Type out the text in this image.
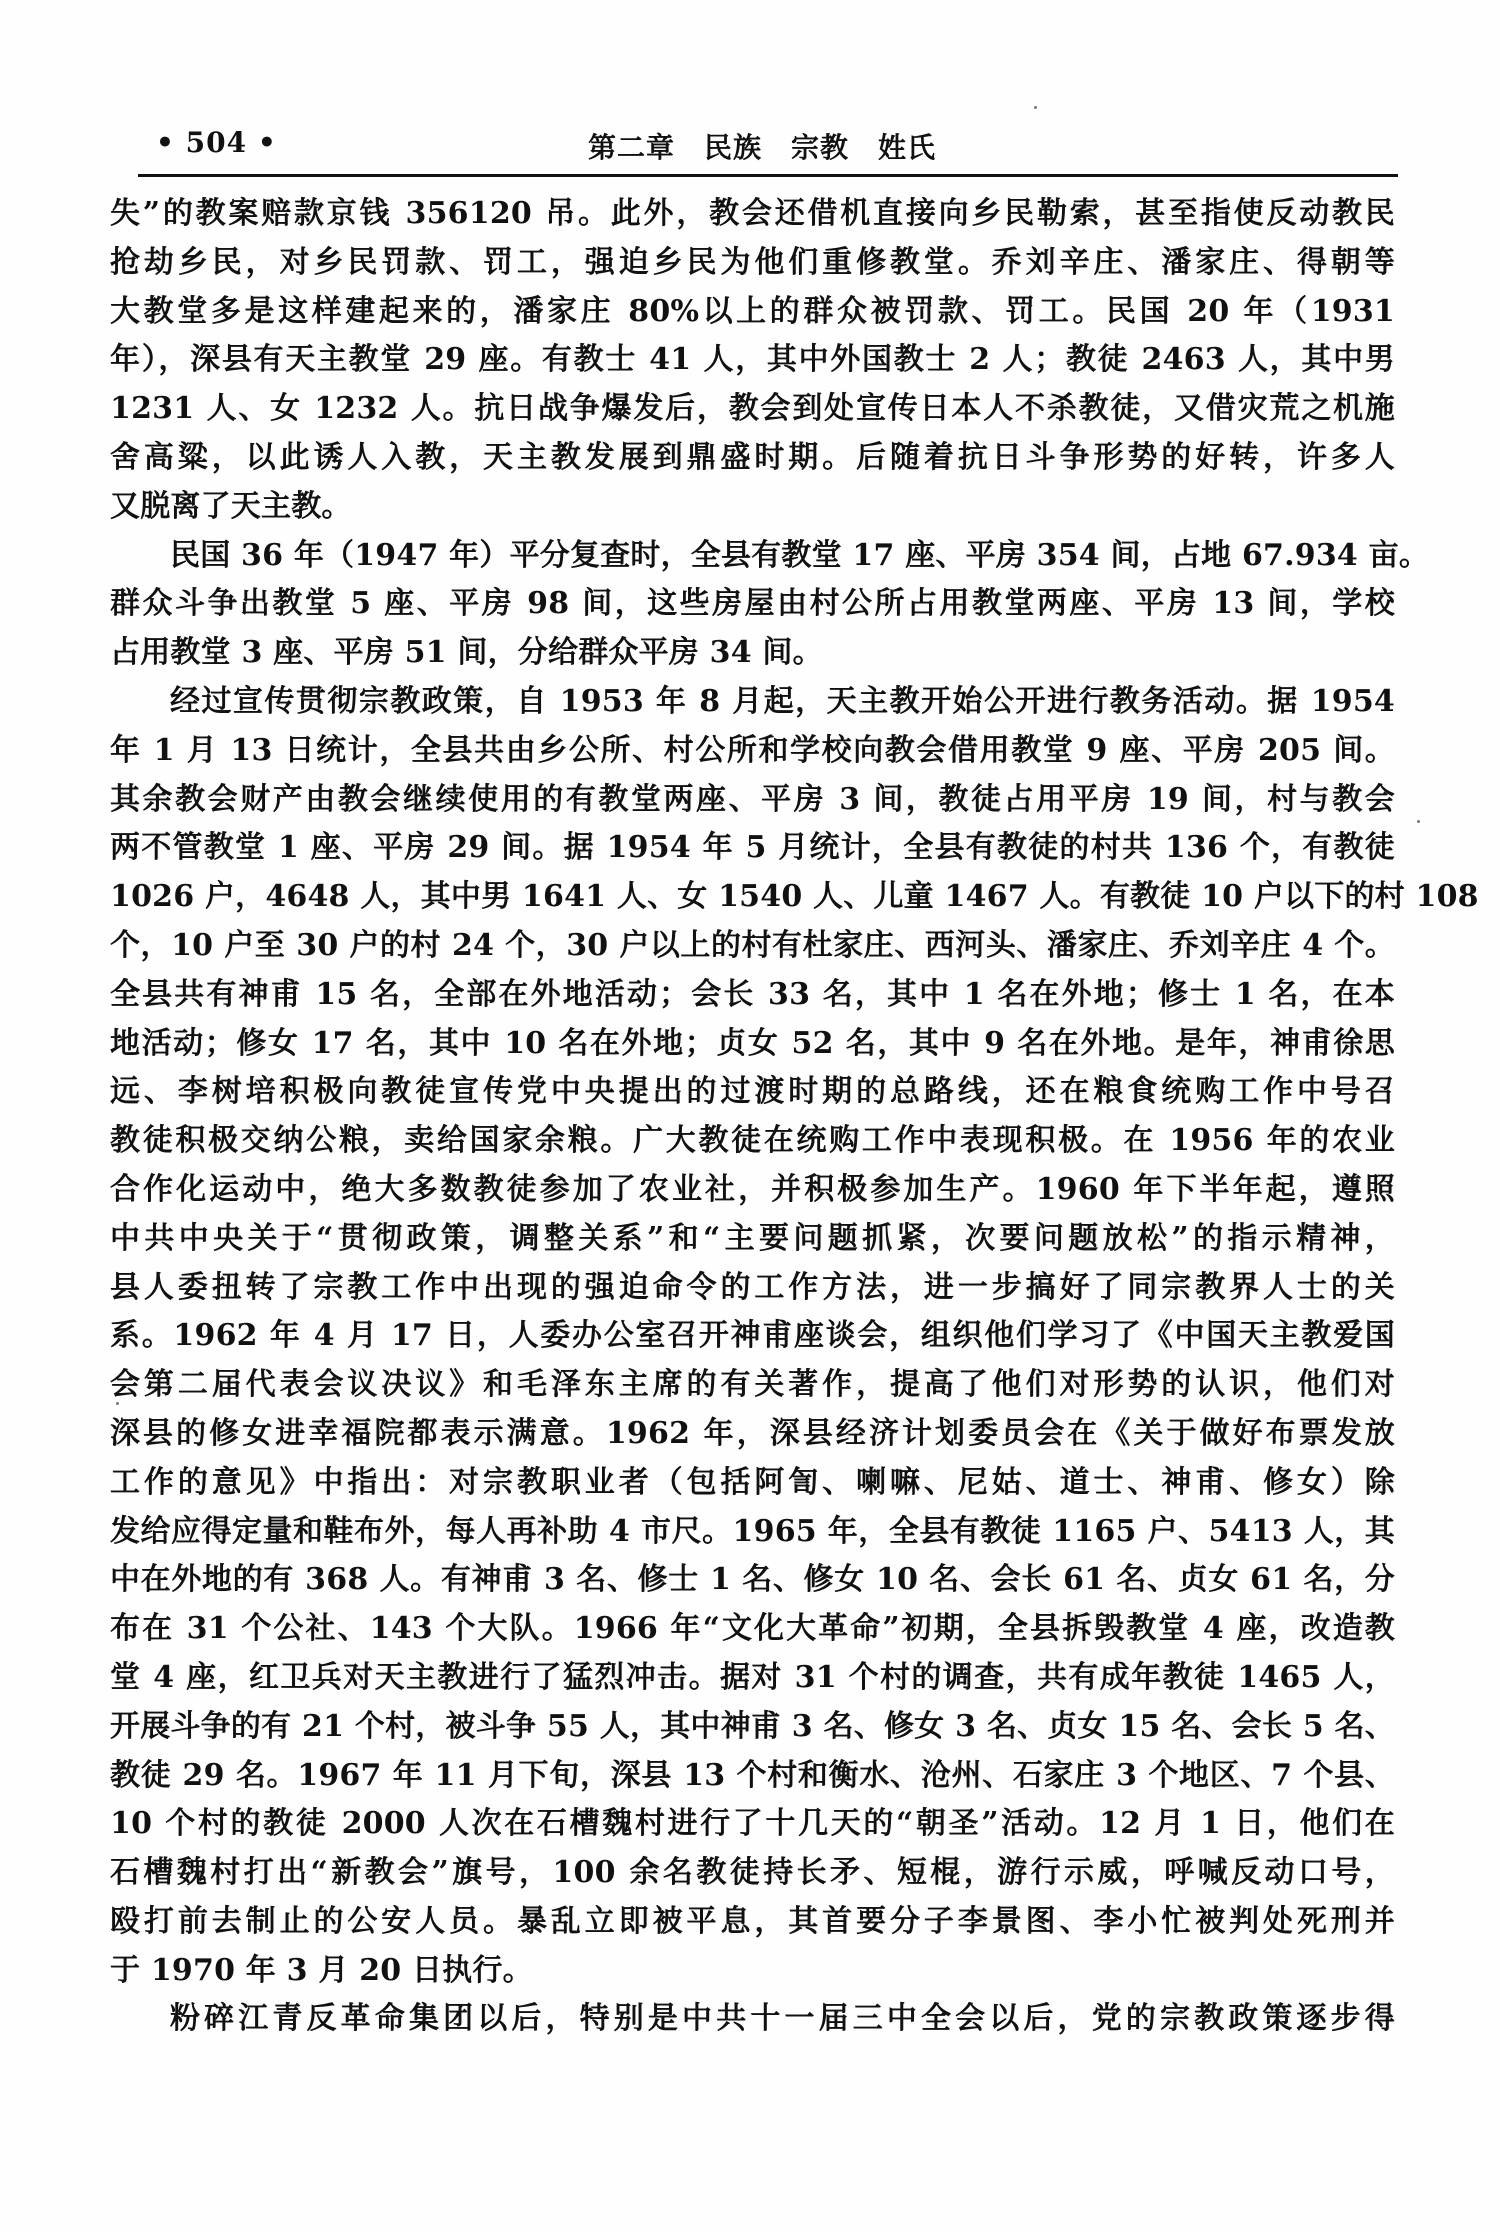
• 504 •	第二章　民族　宗教　姓氏

失”的教案赔款京钱 356120 吊。此外，教会还借机直接向乡民勒索，甚至指使反动教民
抢劫乡民，对乡民罚款、罚工，强迫乡民为他们重修教堂。乔刘辛庄、潘家庄、得朝等
大教堂多是这样建起来的，潘家庄 80%以上的群众被罚款、罚工。民国 20 年（1931
年），深县有天主教堂 29 座。有教士 41 人，其中外国教士 2 人；教徒 2463 人，其中男
1231 人、女 1232 人。抗日战争爆发后，教会到处宣传日本人不杀教徒，又借灾荒之机施
舍高粱，以此诱人入教，天主教发展到鼎盛时期。后随着抗日斗争形势的好转，许多人
又脱离了天主教。

民国 36 年（1947 年）平分复查时，全县有教堂 17 座、平房 354 间，占地 67.934 亩。
群众斗争出教堂 5 座、平房 98 间，这些房屋由村公所占用教堂两座、平房 13 间，学校
占用教堂 3 座、平房 51 间，分给群众平房 34 间。

经过宣传贯彻宗教政策，自 1953 年 8 月起，天主教开始公开进行教务活动。据 1954
年 1 月 13 日统计，全县共由乡公所、村公所和学校向教会借用教堂 9 座、平房 205 间。
其余教会财产由教会继续使用的有教堂两座、平房 3 间，教徒占用平房 19 间，村与教会
两不管教堂 1 座、平房 29 间。据 1954 年 5 月统计，全县有教徒的村共 136 个，有教徒
1026 户，4648 人，其中男 1641 人、女 1540 人、儿童 1467 人。有教徒 10 户以下的村 108
个，10 户至 30 户的村 24 个，30 户以上的村有杜家庄、西河头、潘家庄、乔刘辛庄 4 个。
全县共有神甫 15 名，全部在外地活动；会长 33 名，其中 1 名在外地；修士 1 名，在本
地活动；修女 17 名，其中 10 名在外地；贞女 52 名，其中 9 名在外地。是年，神甫徐思
远、李树培积极向教徒宣传党中央提出的过渡时期的总路线，还在粮食统购工作中号召
教徒积极交纳公粮，卖给国家余粮。广大教徒在统购工作中表现积极。在 1956 年的农业
合作化运动中，绝大多数教徒参加了农业社，并积极参加生产。1960 年下半年起，遵照
中共中央关于“贯彻政策，调整关系”和“主要问题抓紧，次要问题放松”的指示精神，
县人委扭转了宗教工作中出现的强迫命令的工作方法，进一步搞好了同宗教界人士的关
系。1962 年 4 月 17 日，人委办公室召开神甫座谈会，组织他们学习了《中国天主教爱国
会第二届代表会议决议》和毛泽东主席的有关著作，提高了他们对形势的认识，他们对
深县的修女进幸福院都表示满意。1962 年，深县经济计划委员会在《关于做好布票发放
工作的意见》中指出：对宗教职业者（包括阿訇、喇嘛、尼姑、道士、神甫、修女）除
发给应得定量和鞋布外，每人再补助 4 市尺。1965 年，全县有教徒 1165 户、5413 人，其
中在外地的有 368 人。有神甫 3 名、修士 1 名、修女 10 名、会长 61 名、贞女 61 名，分
布在 31 个公社、143 个大队。1966 年“文化大革命”初期，全县拆毁教堂 4 座，改造教
堂 4 座，红卫兵对天主教进行了猛烈冲击。据对 31 个村的调查，共有成年教徒 1465 人，
开展斗争的有 21 个村，被斗争 55 人，其中神甫 3 名、修女 3 名、贞女 15 名、会长 5 名、
教徒 29 名。1967 年 11 月下旬，深县 13 个村和衡水、沧州、石家庄 3 个地区、7 个县、
10 个村的教徒 2000 人次在石槽魏村进行了十几天的“朝圣”活动。12 月 1 日，他们在
石槽魏村打出“新教会”旗号，100 余名教徒持长矛、短棍，游行示威，呼喊反动口号，
殴打前去制止的公安人员。暴乱立即被平息，其首要分子李景图、李小忙被判处死刑并
于 1970 年 3 月 20 日执行。

粉碎江青反革命集团以后，特别是中共十一届三中全会以后，党的宗教政策逐步得
